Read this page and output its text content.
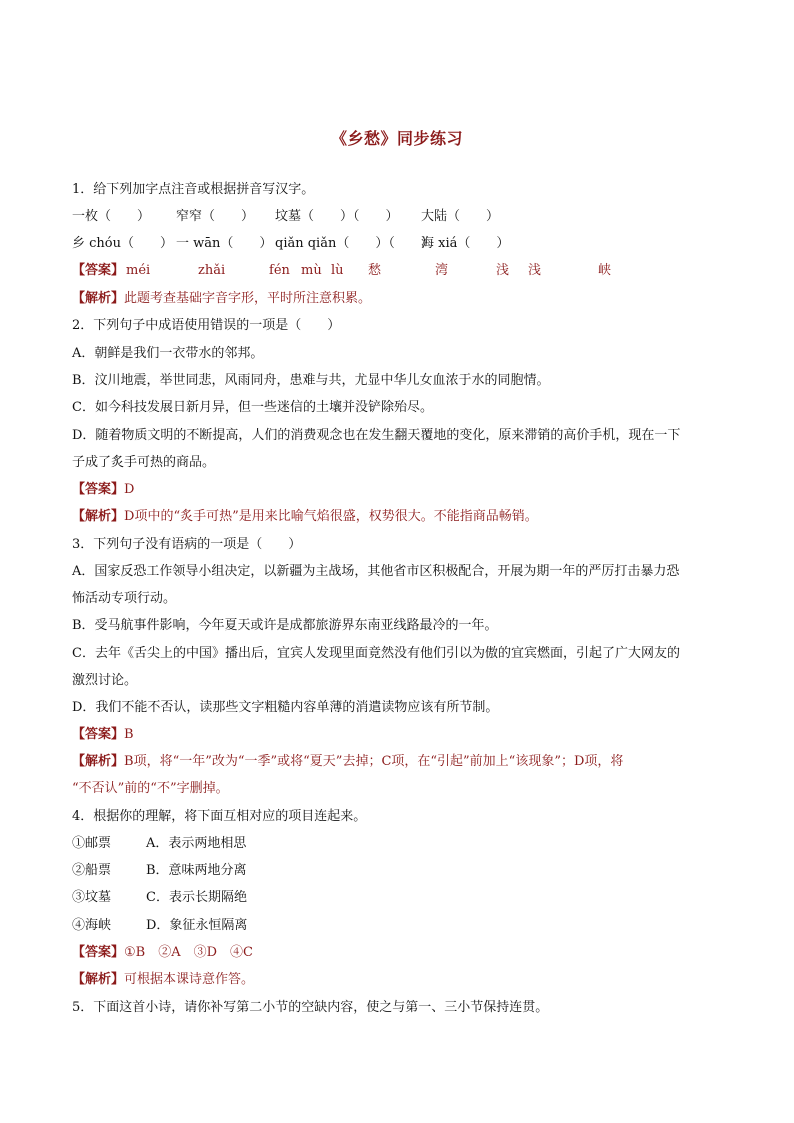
《乡愁》同步练习
1．给下列加字点注音或根据拼音写汉字。
一枚（　　） 窄窄（　　） 坟墓（　　）（　　） 大陆（　　）
乡 chóu（　　） 一 wān（　　） qiǎn qiǎn（　　）（　　）海 xiá（　　）
【答案】 méi	zhǎi	fén mù lù 愁	湾	浅 浅	峡
【解析】此题考查基础字音字形，平时所注意积累。
2．下列句子中成语使用错误的一项是（　　）
A．朝鲜是我们一衣带水的邻邦。
B．汶川地震，举世同悲，风雨同舟，患难与共，尤显中华儿女血浓于水的同胞情。
C．如今科技发展日新月异，但一些迷信的土壤并没铲除殆尽。
D．随着物质文明的不断提高，人们的消费观念也在发生翻天覆地的变化，原来滞销的高价手机，现在一下
子成了炙手可热的商品。
【答案】D
【解析】D项中的“炙手可热”是用来比喻气焰很盛，权势很大。不能指商品畅销。
3．下列句子没有语病的一项是（　　）
A．国家反恐工作领导小组决定，以新疆为主战场，其他省市区积极配合，开展为期一年的严厉打击暴力恐
怖活动专项行动。
B．受马航事件影响，今年夏天或许是成都旅游界东南亚线路最冷的一年。
C．去年《舌尖上的中国》播出后，宜宾人发现里面竟然没有他们引以为傲的宜宾燃面，引起了广大网友的
激烈讨论。
D．我们不能不否认，读那些文字粗糙内容单薄的消遣读物应该有所节制。
【答案】B
【解析】B项，将“一年”改为“一季”或将“夏天”去掉；C项，在“引起”前加上“该现象”；D项，将
“不否认”前的“不”字删掉。
4．根据你的理解，将下面互相对应的项目连起来。
①邮票	A．表示两地相思
②船票	B．意味两地分离
③坟墓	C．表示长期隔绝
④海峡	D．象征永恒隔离
【答案】①B　②A　③D　④C
【解析】可根据本课诗意作答。
5．下面这首小诗，请你补写第二小节的空缺内容，使之与第一、三小节保持连贯。
